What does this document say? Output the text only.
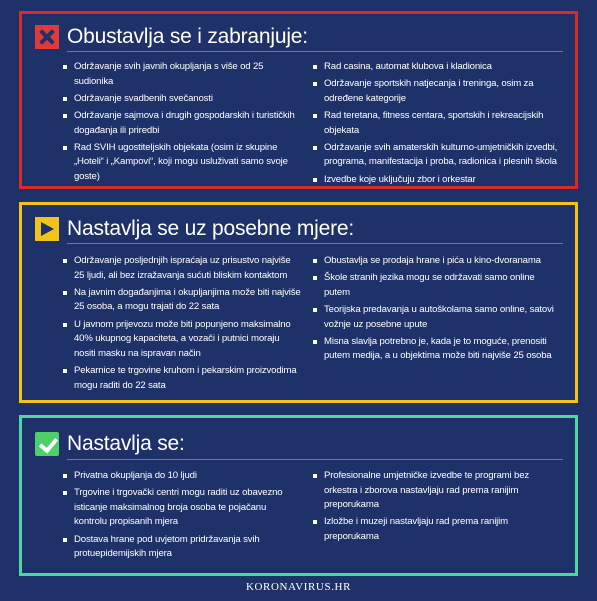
Obustavlja se i zabranjuje:
Održavanje svih javnih okupljanja s više od 25 sudionika
Održavanje svadbenih svečanosti
Održavanje sajmova i drugih gospodarskih i turističkih događanja ili priredbi
Rad SVIH ugostiteljskih objekata (osim iz skupine „Hoteli“ i „Kampovi“, koji mogu usluživati samo svoje goste)
Rad casina, automat klubova i kladionica
Održavanje sportskih natjecanja i treninga, osim za određene kategorije
Rad teretana, fitness centara, sportskih i rekreacijskih objekata
Održavanje svih amaterskih kulturno-umjetničkih izvedbi, programa, manifestacija i proba, radionica i plesnih škola
Izvedbe koje uključuju zbor i orkestar
Nastavlja se uz posebne mjere:
Održavanje posljednjih ispraćaja uz prisustvo najviše 25 ljudi, ali bez izražavanja sućuti bliskim kontaktom
Na javnim događanjima i okupljanjima može biti najviše 25 osoba, a mogu trajati do 22 sata
U javnom prijevozu može biti popunjeno maksimalno 40% ukupnog kapaciteta, a vozači i putnici moraju nositi masku na ispravan način
Pekarnice te trgovine kruhom i pekarskim proizvodima mogu raditi do 22 sata
Obustavlja se prodaja hrane i pića u kino-dvoranama
Škole stranih jezika mogu se održavati samo online putem
Teorijska predavanja u autoškolama samo online, satovi vožnje uz posebne upute
Misna slavlja potrebno je, kada je to moguće, prenositi putem medija, a u objektima može biti najviše 25 osoba
Nastavlja se:
Privatna okupljanja do 10 ljudi
Trgovine i trgovački centri mogu raditi uz obavezno isticanje maksimalnog broja osoba te pojačanu kontrolu propisanih mjera
Dostava hrane pod uvjetom pridržavanja svih protuepidemijskih mjera
Profesionalne umjetničke izvedbe te programi bez orkestra i zborova nastavljaju rad prema ranijim preporukama
Izložbe i muzeji nastavljaju rad prema ranijim preporukama
KORONAVIRUS.HR
